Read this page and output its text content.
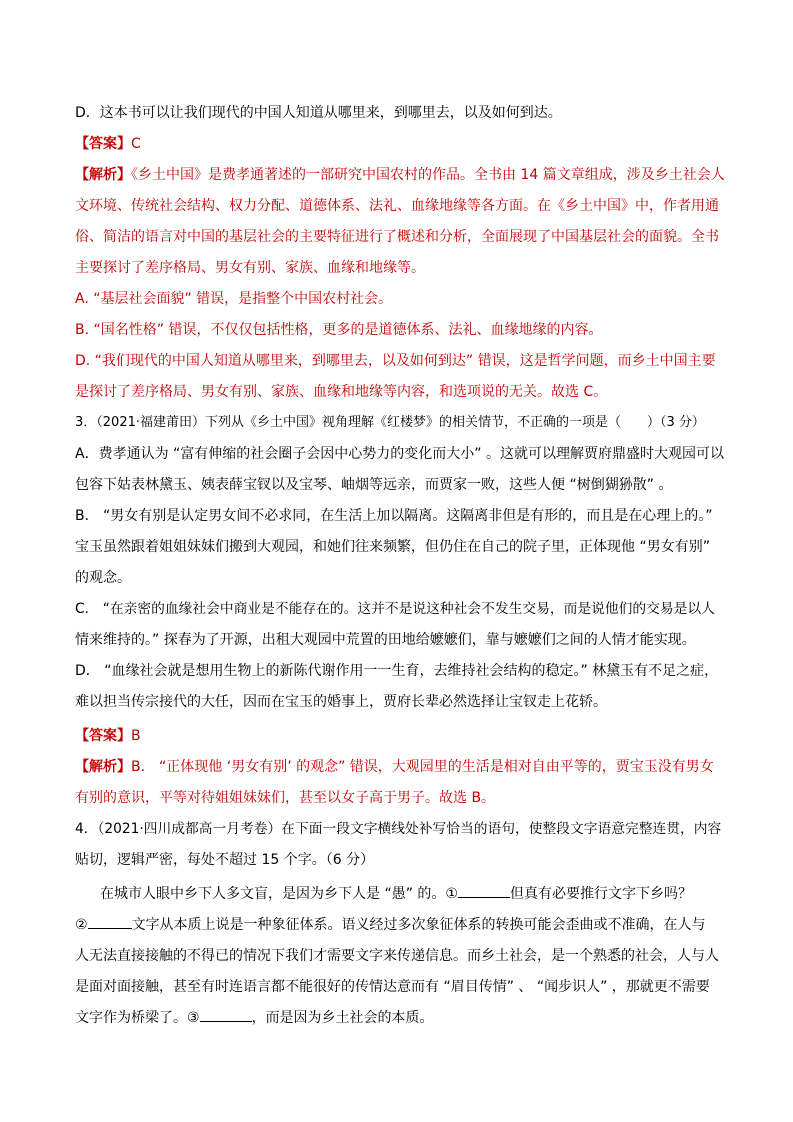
D．这本书可以让我们现代的中国人知道从哪里来，到哪里去，以及如何到达。
【答案】C
【解析】《乡土中国》是费孝通著述的一部研究中国农村的作品。全书由 14 篇文章组成，涉及乡土社会人
文环境、传统社会结构、权力分配、道德体系、法礼、血缘地缘等各方面。在《乡土中国》中，作者用通
俗、简洁的语言对中国的基层社会的主要特征进行了概述和分析，全面展现了中国基层社会的面貌。全书
主要探讨了差序格局、男女有别、家族、血缘和地缘等。
A. “基层社会面貌” 错误，是指整个中国农村社会。
B. “国名性格” 错误，不仅仅包括性格，更多的是道德体系、法礼、血缘地缘的内容。
D. “我们现代的中国人知道从哪里来，到哪里去，以及如何到达” 错误，这是哲学问题，而乡土中国主要
是探讨了差序格局、男女有别、家族、血缘和地缘等内容，和选项说的无关。故选 C。
3．（2021·福建莆田）下列从《乡土中国》视角理解《红楼梦》的相关情节，不正确的一项是（　　）（3 分）
A．费孝通认为 “富有伸缩的社会圈子会因中心势力的变化而大小” 。这就可以理解贾府鼎盛时大观园可以
包容下姑表林黛玉、姨表薛宝钗以及宝琴、岫烟等远亲，而贾家一败，这些人便 “树倒猢狲散” 。
B． “男女有别是认定男女间不必求同，在生活上加以隔离。这隔离非但是有形的，而且是在心理上的。”
宝玉虽然跟着姐姐妹妹们搬到大观园，和她们往来频繁，但仍住在自己的院子里，正体现他 “男女有别”
的观念。
C． “在亲密的血缘社会中商业是不能存在的。这并不是说这种社会不发生交易，而是说他们的交易是以人
情来维持的。” 探春为了开源，出租大观园中荒置的田地给嬷嬷们，靠与嬷嬷们之间的人情才能实现。
D． “血缘社会就是想用生物上的新陈代谢作用一一生育，去维持社会结构的稳定。” 林黛玉有不足之症，
难以担当传宗接代的大任，因而在宝玉的婚事上，贾府长辈必然选择让宝钗走上花轿。
【答案】B
【解析】B． “正体现他 ‘男女有别’ 的观念” 错误，大观园里的生活是相对自由平等的，贾宝玉没有男女
有别的意识，平等对待姐姐妹妹们，甚至以女子高于男子。故选 B。
4．（2021·四川成都高一月考卷）在下面一段文字横线处补写恰当的语句，使整段文字语意完整连贯，内容
贴切，逻辑严密，每处不超过 15 个字。（6 分）
在城市人眼中乡下人多文盲，是因为乡下人是 “愚” 的。①	但真有必要推行文字下乡吗？
②	文字从本质上说是一种象征体系。语义经过多次象征体系的转换可能会歪曲或不准确，在人与
人无法直接接触的不得已的情况下我们才需要文字来传递信息。而乡土社会，是一个熟悉的社会，人与人
是面对面接触，甚至有时连语言都不能很好的传情达意而有 “眉目传情” 、 “闻步识人” ，那就更不需要
文字作为桥梁了。③	，而是因为乡土社会的本质。
